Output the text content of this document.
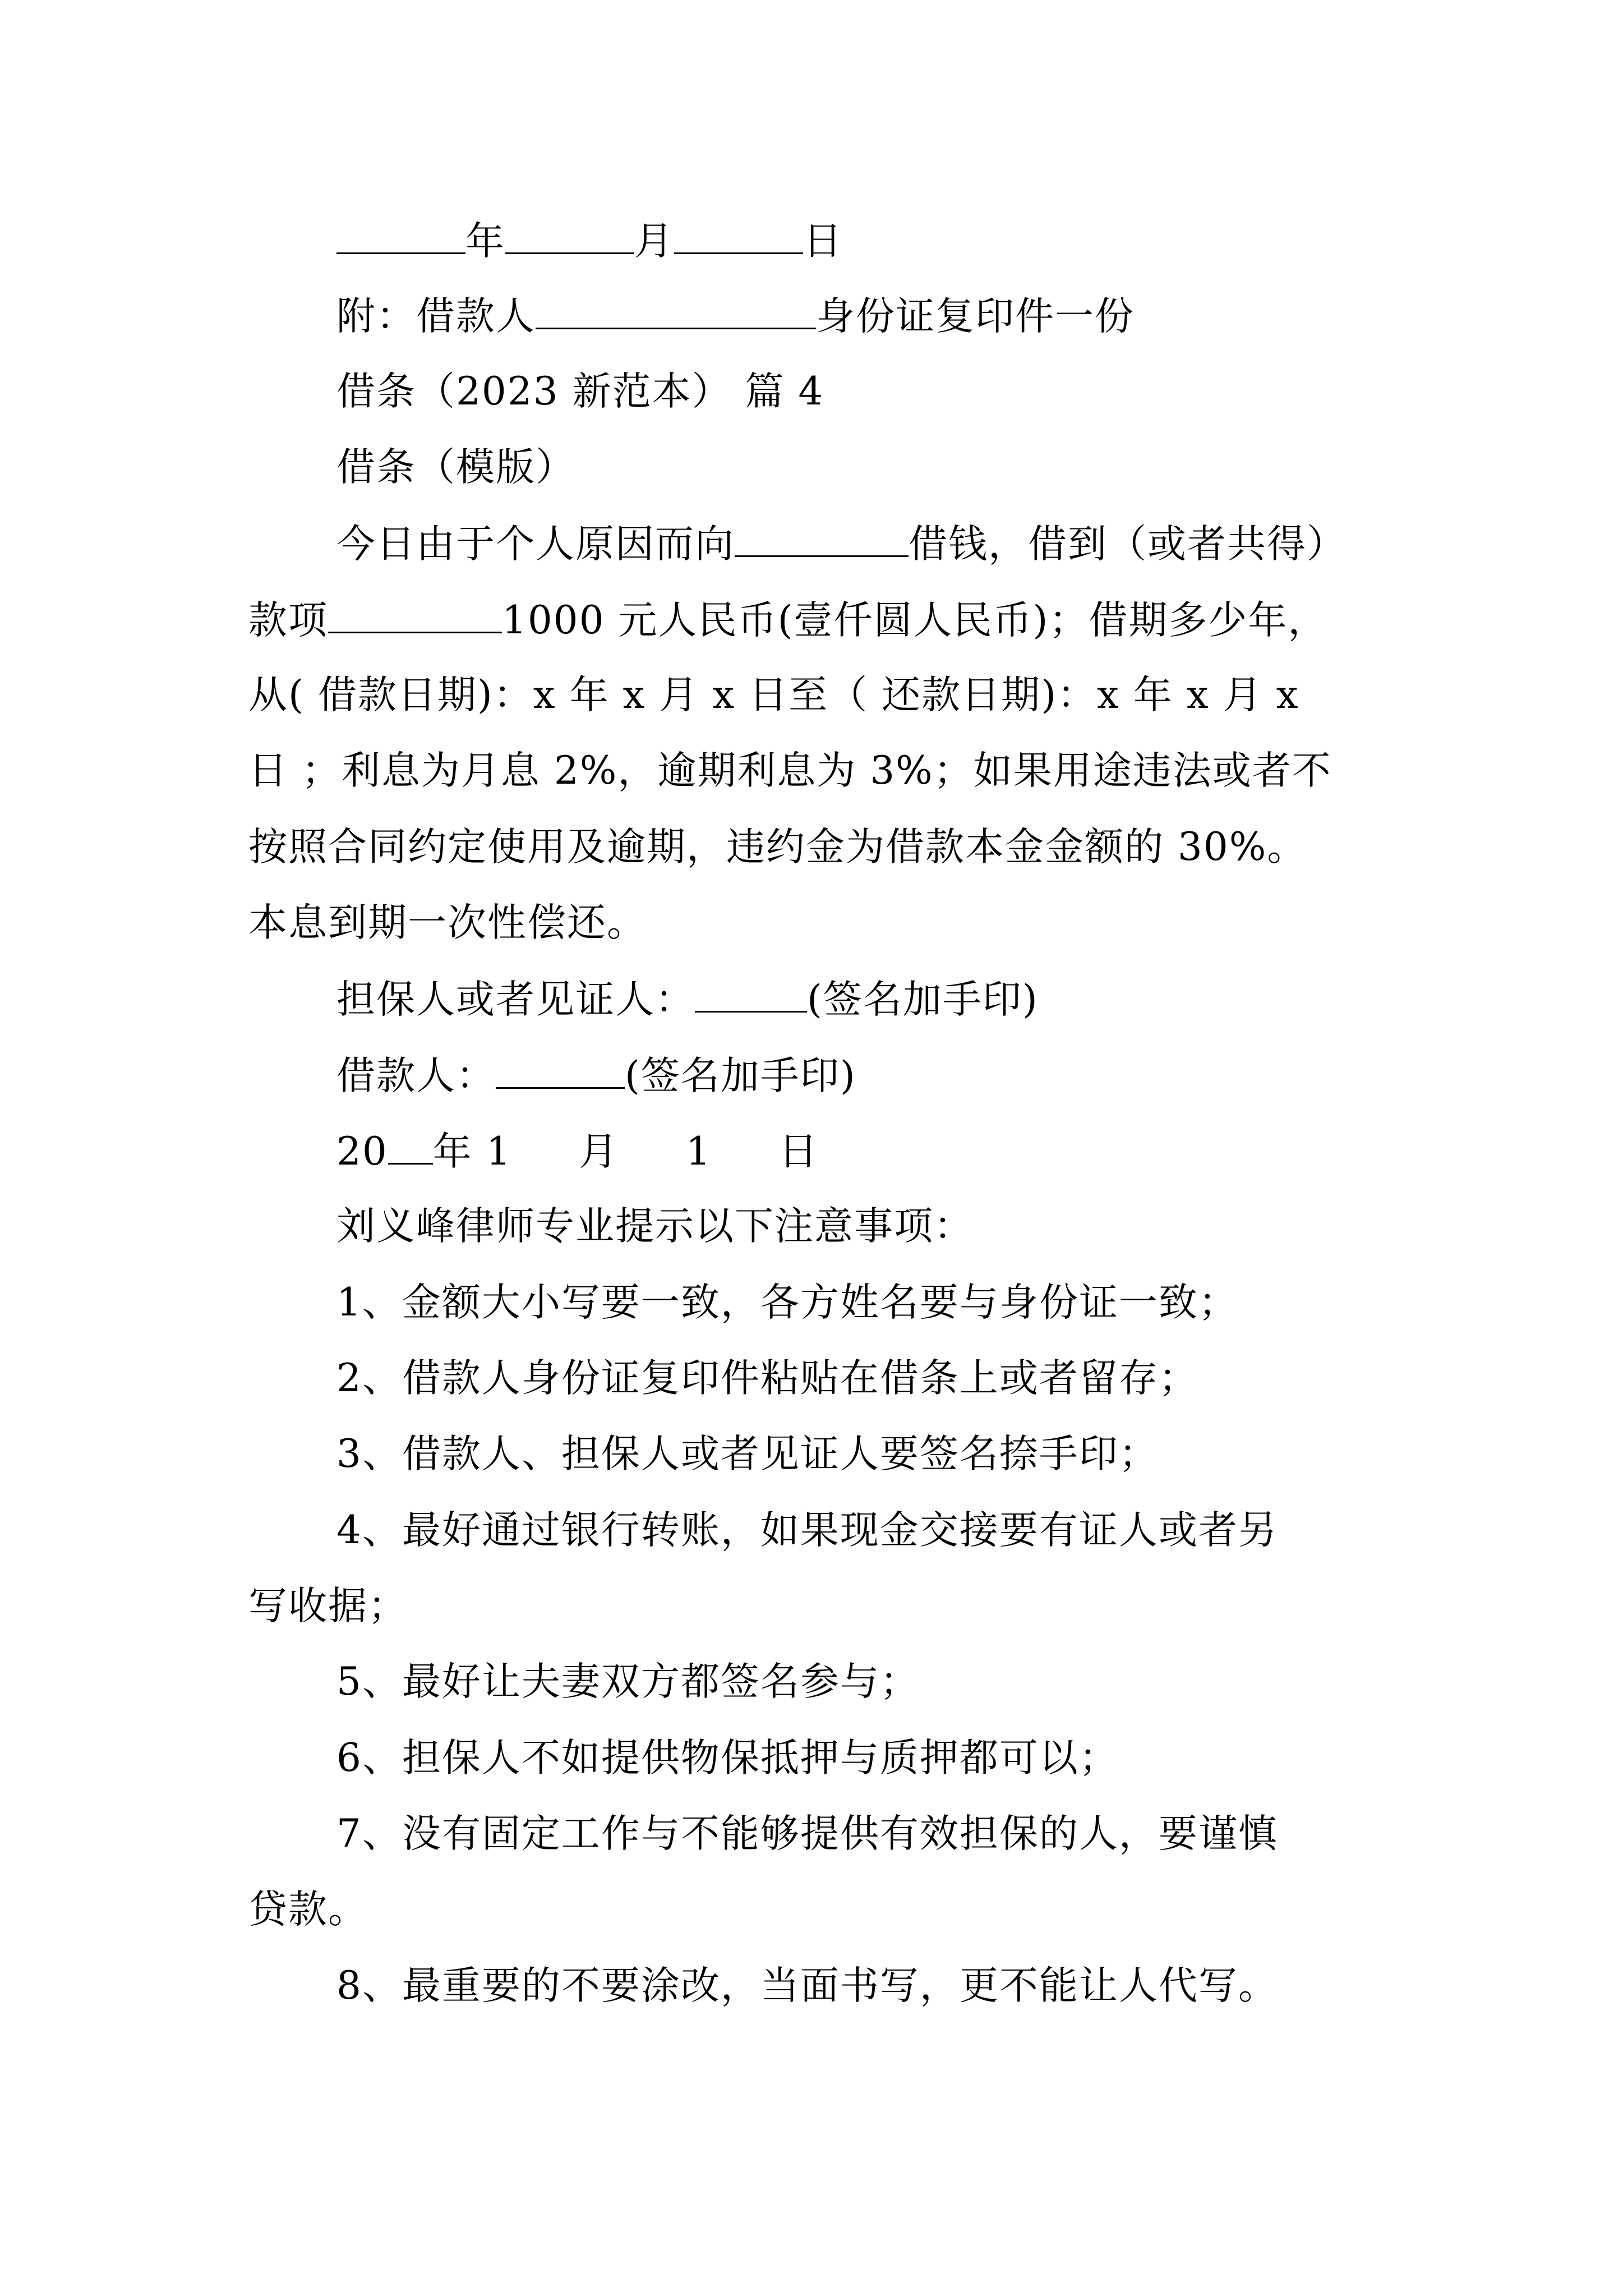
年	月	日
附：借款人	身份证复印件一份
借条（2023 新范本） 篇 4
借条（模版）
今日由于个人原因而向	借钱，借到（或者共得）
款项	1000 元人民币(壹仟圆人民币)；借期多少年，
从( 借款日期)：x 年 x 月 x 日至（ 还款日期)：x 年 x 月 x
日 ；利息为月息 2%，逾期利息为 3%；如果用途违法或者不
按照合同约定使用及逾期，违约金为借款本金金额的 30%。
本息到期一次性偿还。
担保人或者见证人：	(签名加手印)
借款人：	(签名加手印)
20 年 1     月     1     日
刘义峰律师专业提示以下注意事项：
1、金额大小写要一致，各方姓名要与身份证一致；
2、借款人身份证复印件粘贴在借条上或者留存；
3、借款人、担保人或者见证人要签名捺手印；
4、最好通过银行转账，如果现金交接要有证人或者另
写收据；
5、最好让夫妻双方都签名参与；
6、担保人不如提供物保抵押与质押都可以；
7、没有固定工作与不能够提供有效担保的人，要谨慎
贷款。
8、最重要的不要涂改，当面书写，更不能让人代写。
